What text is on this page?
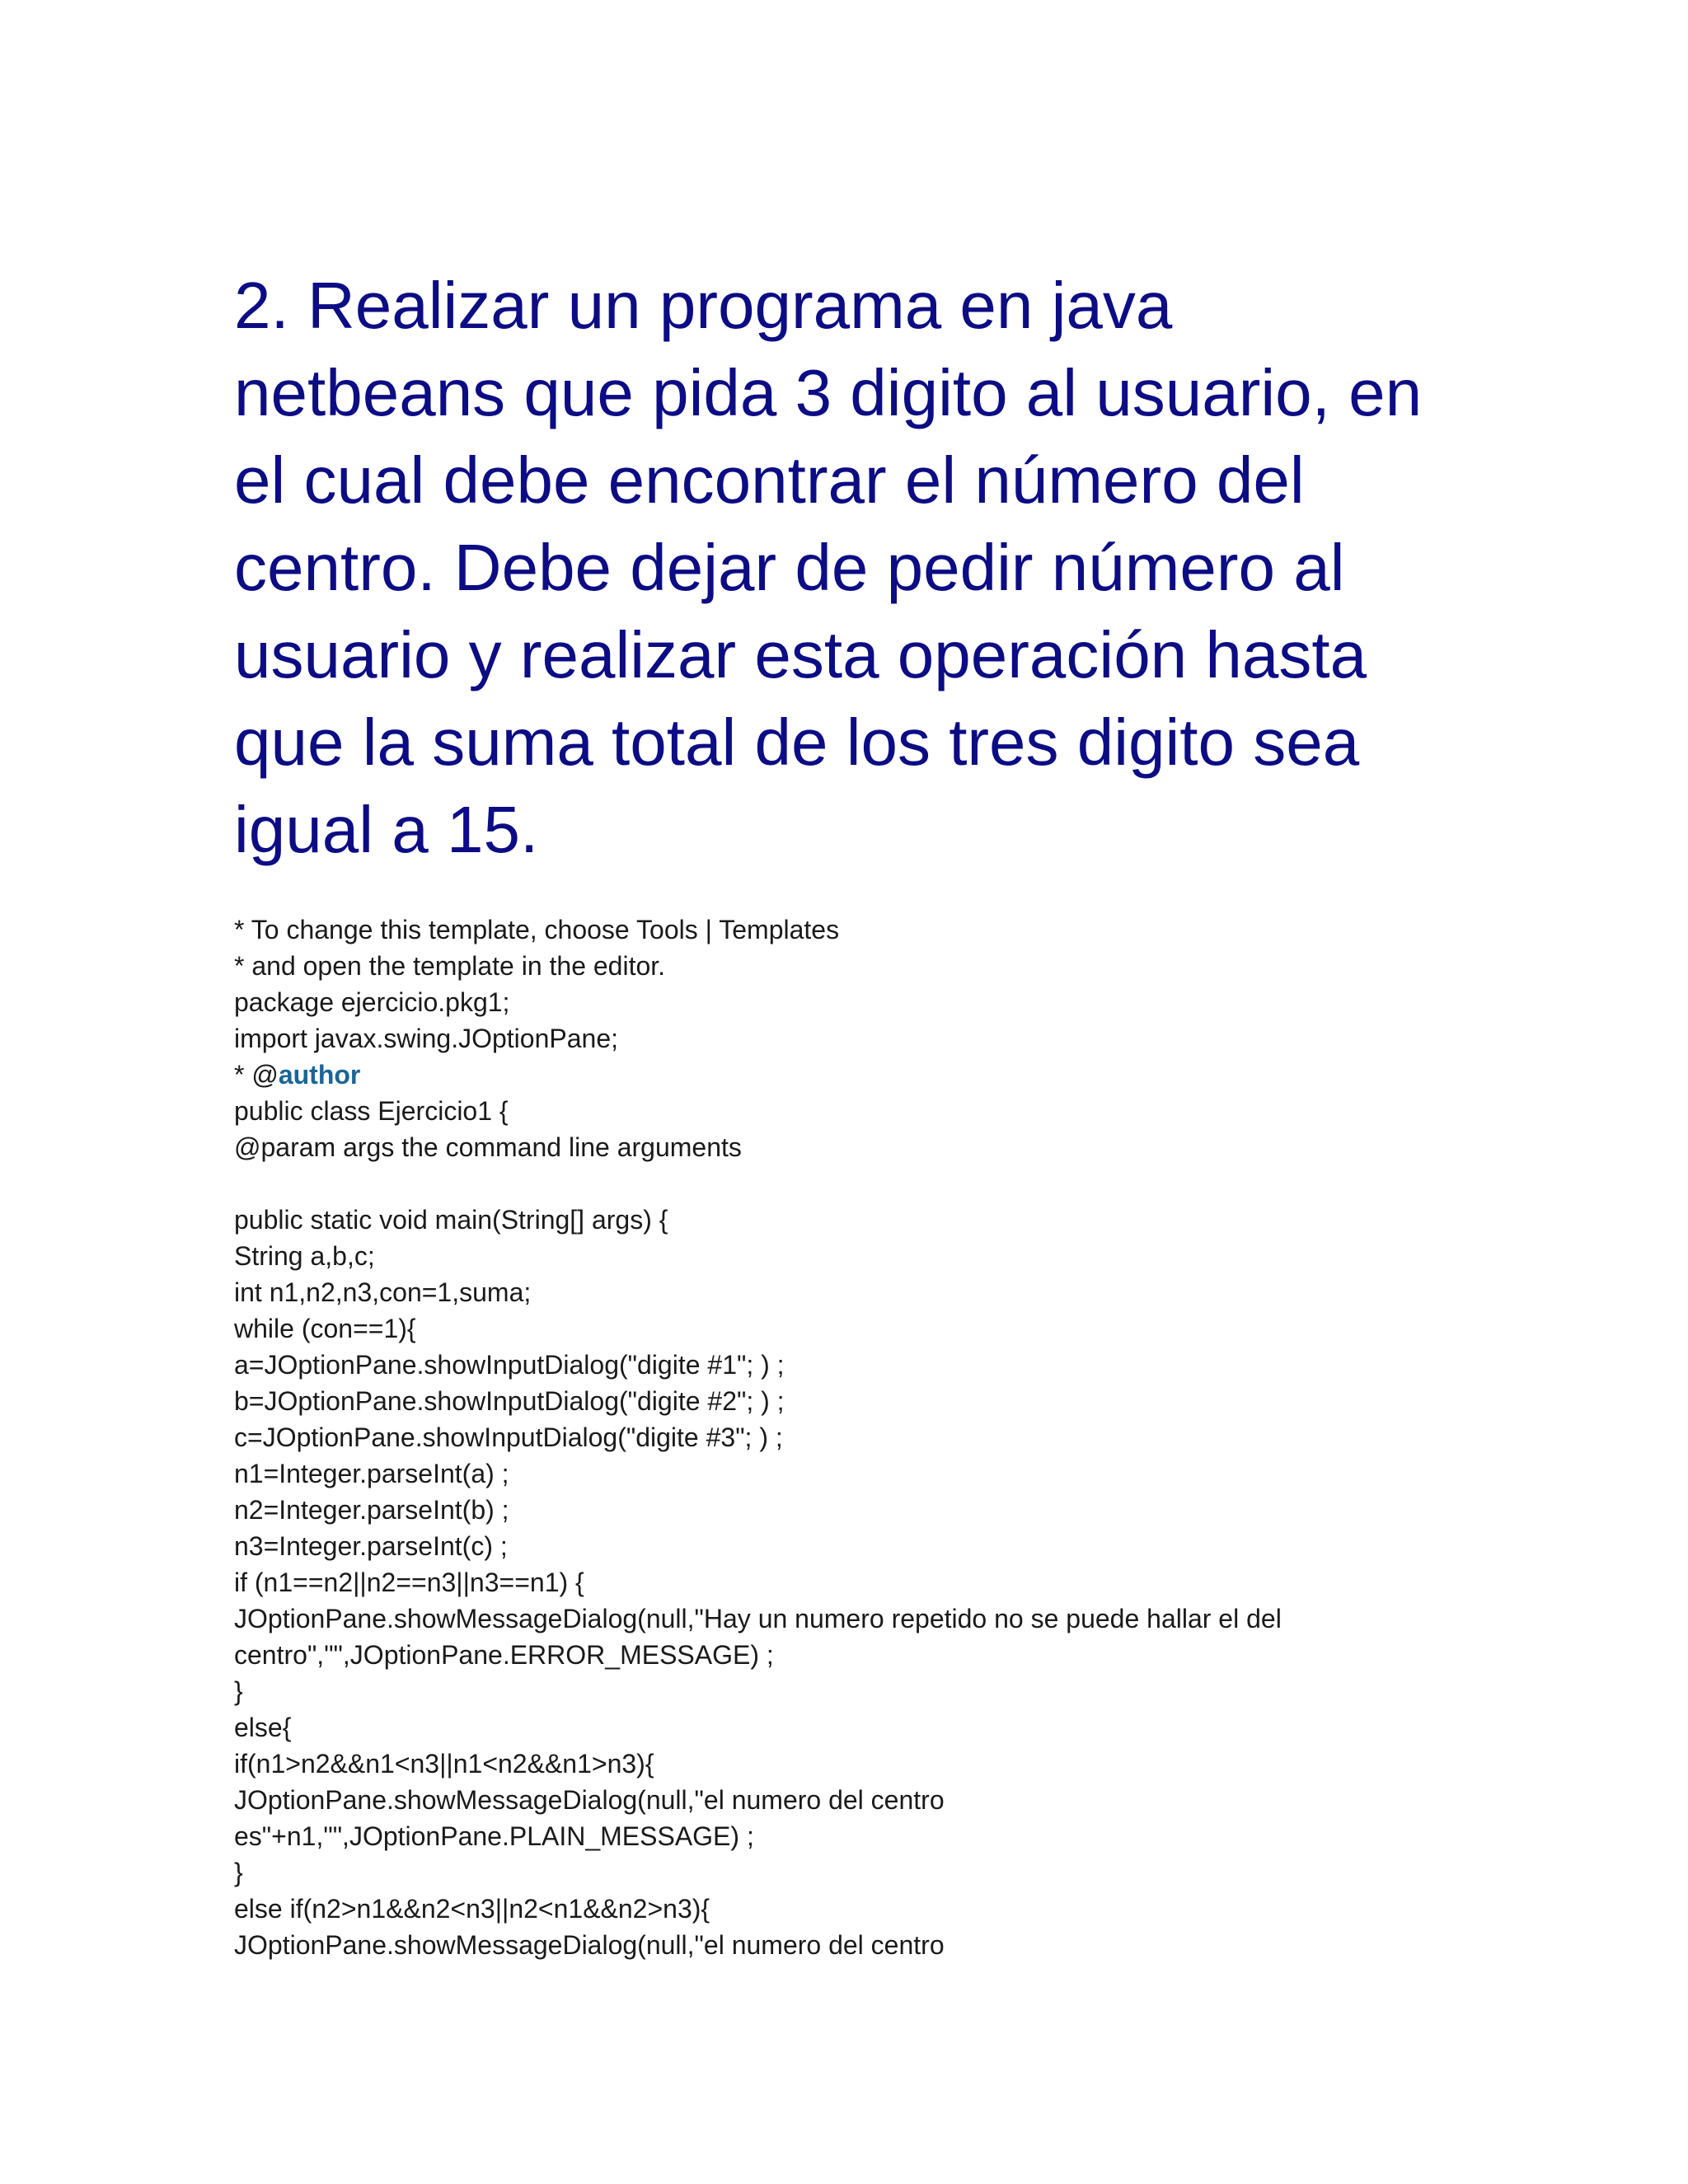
2. Realizar un programa en java
netbeans que pida 3 digito al usuario, en
el cual debe encontrar el número del
centro. Debe dejar de pedir número al
usuario y realizar esta operación hasta
que la suma total de los tres digito sea
igual a 15.
* To change this template, choose Tools | Templates
* and open the template in the editor.
package ejercicio.pkg1;
import javax.swing.JOptionPane;
* @author
public class Ejercicio1 {
@param args the command line arguments
public static void main(String[] args) {
String a,b,c;
int n1,n2,n3,con=1,suma;
while (con==1){
a=JOptionPane.showInputDialog("digite #1"; ) ;
b=JOptionPane.showInputDialog("digite #2"; ) ;
c=JOptionPane.showInputDialog("digite #3"; ) ;
n1=Integer.parseInt(a) ;
n2=Integer.parseInt(b) ;
n3=Integer.parseInt(c) ;
if (n1==n2||n2==n3||n3==n1) {
JOptionPane.showMessageDialog(null,"Hay un numero repetido no se puede hallar el del
centro","",JOptionPane.ERROR_MESSAGE) ;
}
else{
if(n1>n2&&n1<n3||n1<n2&&n1>n3){
JOptionPane.showMessageDialog(null,"el numero del centro
es"+n1,"",JOptionPane.PLAIN_MESSAGE) ;
}
else if(n2>n1&&n2<n3||n2<n1&&n2>n3){
JOptionPane.showMessageDialog(null,"el numero del centro
